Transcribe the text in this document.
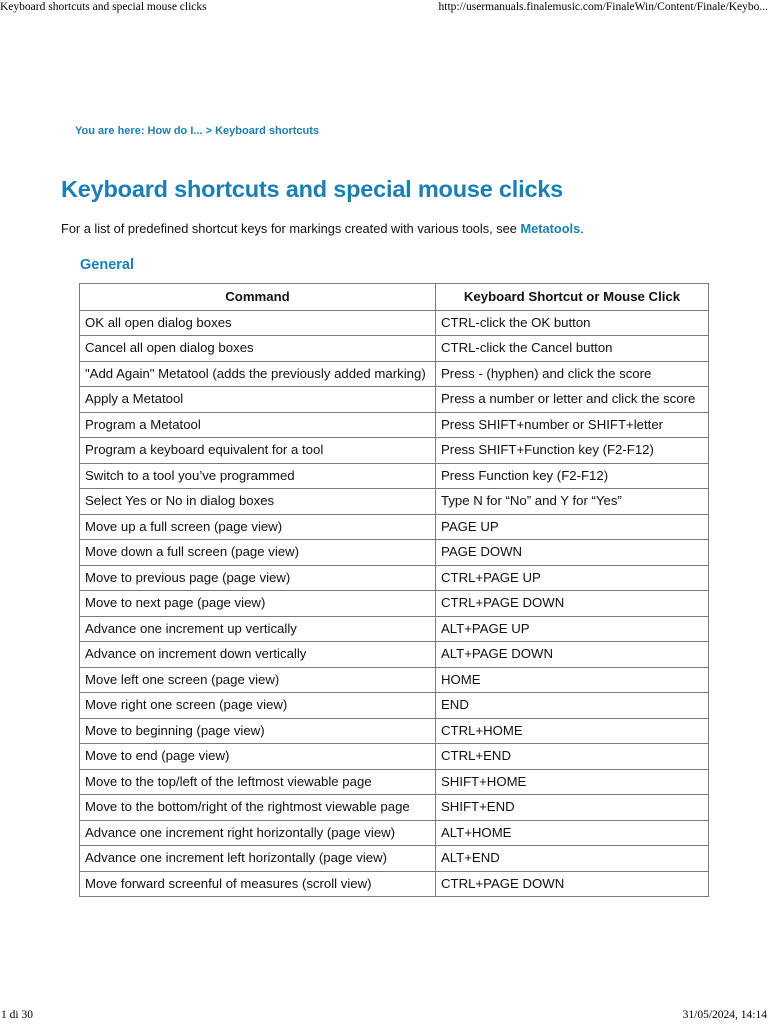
Keyboard shortcuts and special mouse clicks	http://usermanuals.finalemusic.com/FinaleWin/Content/Finale/Keybo...
You are here: How do I... > Keyboard shortcuts
Keyboard shortcuts and special mouse clicks
For a list of predefined shortcut keys for markings created with various tools, see Metatools.
General
Command	Keyboard Shortcut or Mouse Click
OK all open dialog boxes	CTRL-click the OK button
Cancel all open dialog boxes	CTRL-click the Cancel button
"Add Again" Metatool (adds the previously added marking)	Press - (hyphen) and click the score
Apply a Metatool	Press a number or letter and click the score
Program a Metatool	Press SHIFT+number or SHIFT+letter
Program a keyboard equivalent for a tool	Press SHIFT+Function key (F2-F12)
Switch to a tool you’ve programmed	Press Function key (F2-F12)
Select Yes or No in dialog boxes	Type N for “No” and Y for “Yes”
Move up a full screen (page view)	PAGE UP
Move down a full screen (page view)	PAGE DOWN
Move to previous page (page view)	CTRL+PAGE UP
Move to next page (page view)	CTRL+PAGE DOWN
Advance one increment up vertically	ALT+PAGE UP
Advance on increment down vertically	ALT+PAGE DOWN
Move left one screen (page view)	HOME
Move right one screen (page view)	END
Move to beginning (page view)	CTRL+HOME
Move to end (page view)	CTRL+END
Move to the top/left of the leftmost viewable page	SHIFT+HOME
Move to the bottom/right of the rightmost viewable page	SHIFT+END
Advance one increment right horizontally (page view)	ALT+HOME
Advance one increment left horizontally (page view)	ALT+END
Move forward screenful of measures (scroll view)	CTRL+PAGE DOWN
1 di 30	31/05/2024, 14:14
